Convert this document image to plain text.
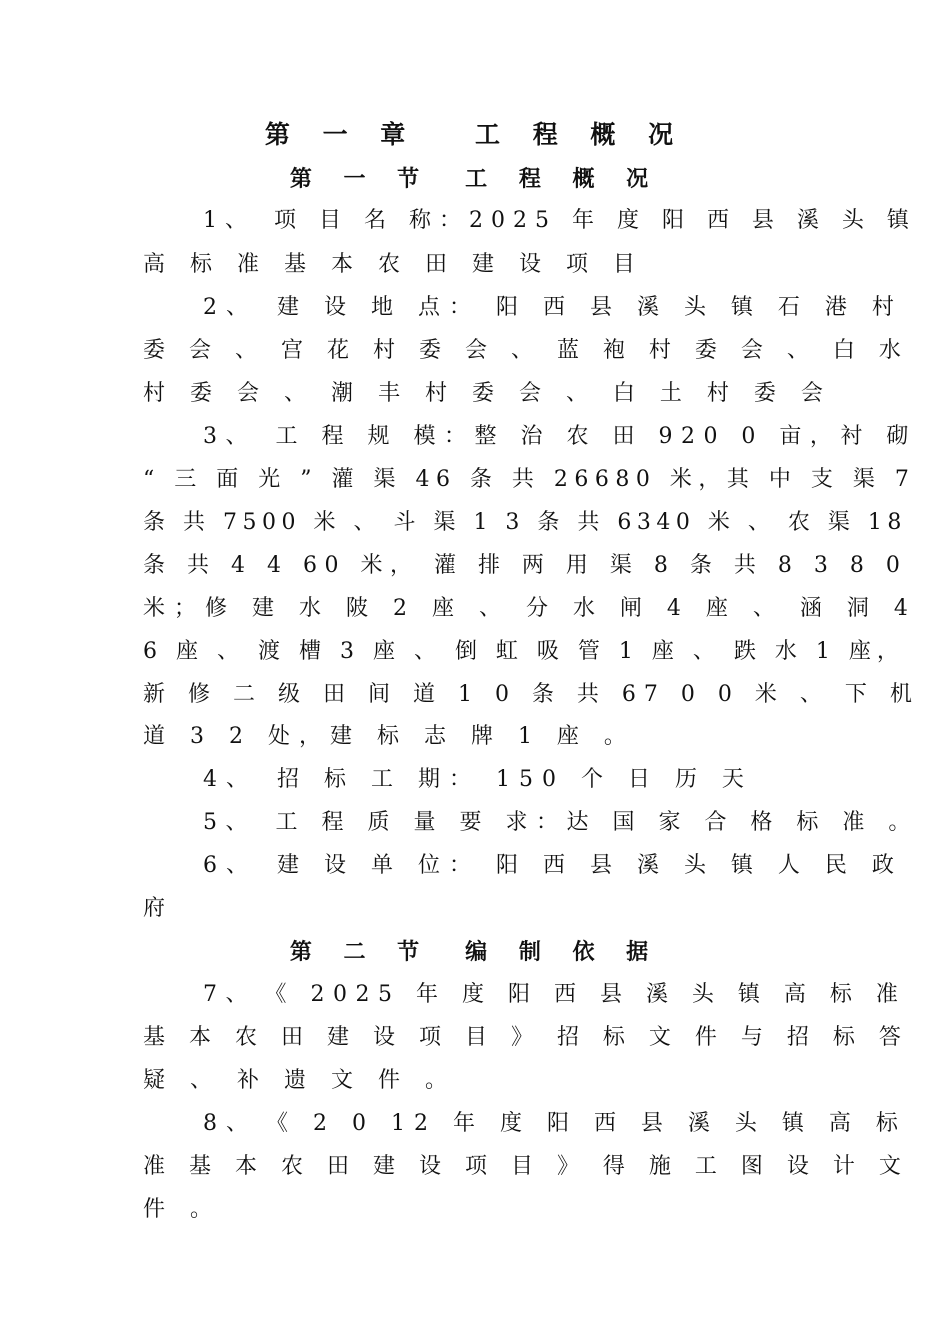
第 一 章　 工 程 概 况
第 一 节　工 程 概 况
1、　项 目 名 称：2025 年 度 阳 西 县 溪 头 镇
高 标 准 基 本 农 田 建 设 项 目
2、　建 设 地 点： 阳 西 县 溪 头 镇 石 港 村
委 会 、 宫 花 村 委 会 、 蓝 袍 村 委 会 、 白 水
村 委 会 、 潮 丰 村 委 会 、 白 土 村 委 会
3、　工 程 规 模：整 治 农 田 920 0 亩，衬 砌
“ 三 面 光 ” 灌 渠 46 条 共 26680 米，其 中 支 渠 7
条 共 7500 米 、 斗 渠 1 3 条 共 6340 米 、 农 渠 18
条 共 4 4 60 米， 灌 排 两 用 渠 8 条 共 8 3 8 0
米；修 建 水 陂 2 座 、 分 水 闸 4 座 、 涵 洞 4
6 座 、 渡 槽 3 座 、 倒 虹 吸 管 1 座 、 跌 水 1 座，
新 修 二 级 田 间 道 1 0 条 共 67 0 0 米 、 下 机
道 3 2 处，建 标 志 牌 1 座 。
4、　招 标 工 期： 150 个 日 历 天
5、　工 程 质 量 要 求：达 国 家 合 格 标 准 。
6、　建 设 单 位： 阳 西 县 溪 头 镇 人 民 政
府
第 二 节　编 制 依 据
7、　《 2025 年 度 阳 西 县 溪 头 镇 高 标 准
基 本 农 田 建 设 项 目 》 招 标 文 件 与 招 标 答
疑 、 补 遗 文 件 。
8、　《 2 0 12 年 度 阳 西 县 溪 头 镇 高 标
准 基 本 农 田 建 设 项 目 》 得 施 工 图 设 计 文
件 。
